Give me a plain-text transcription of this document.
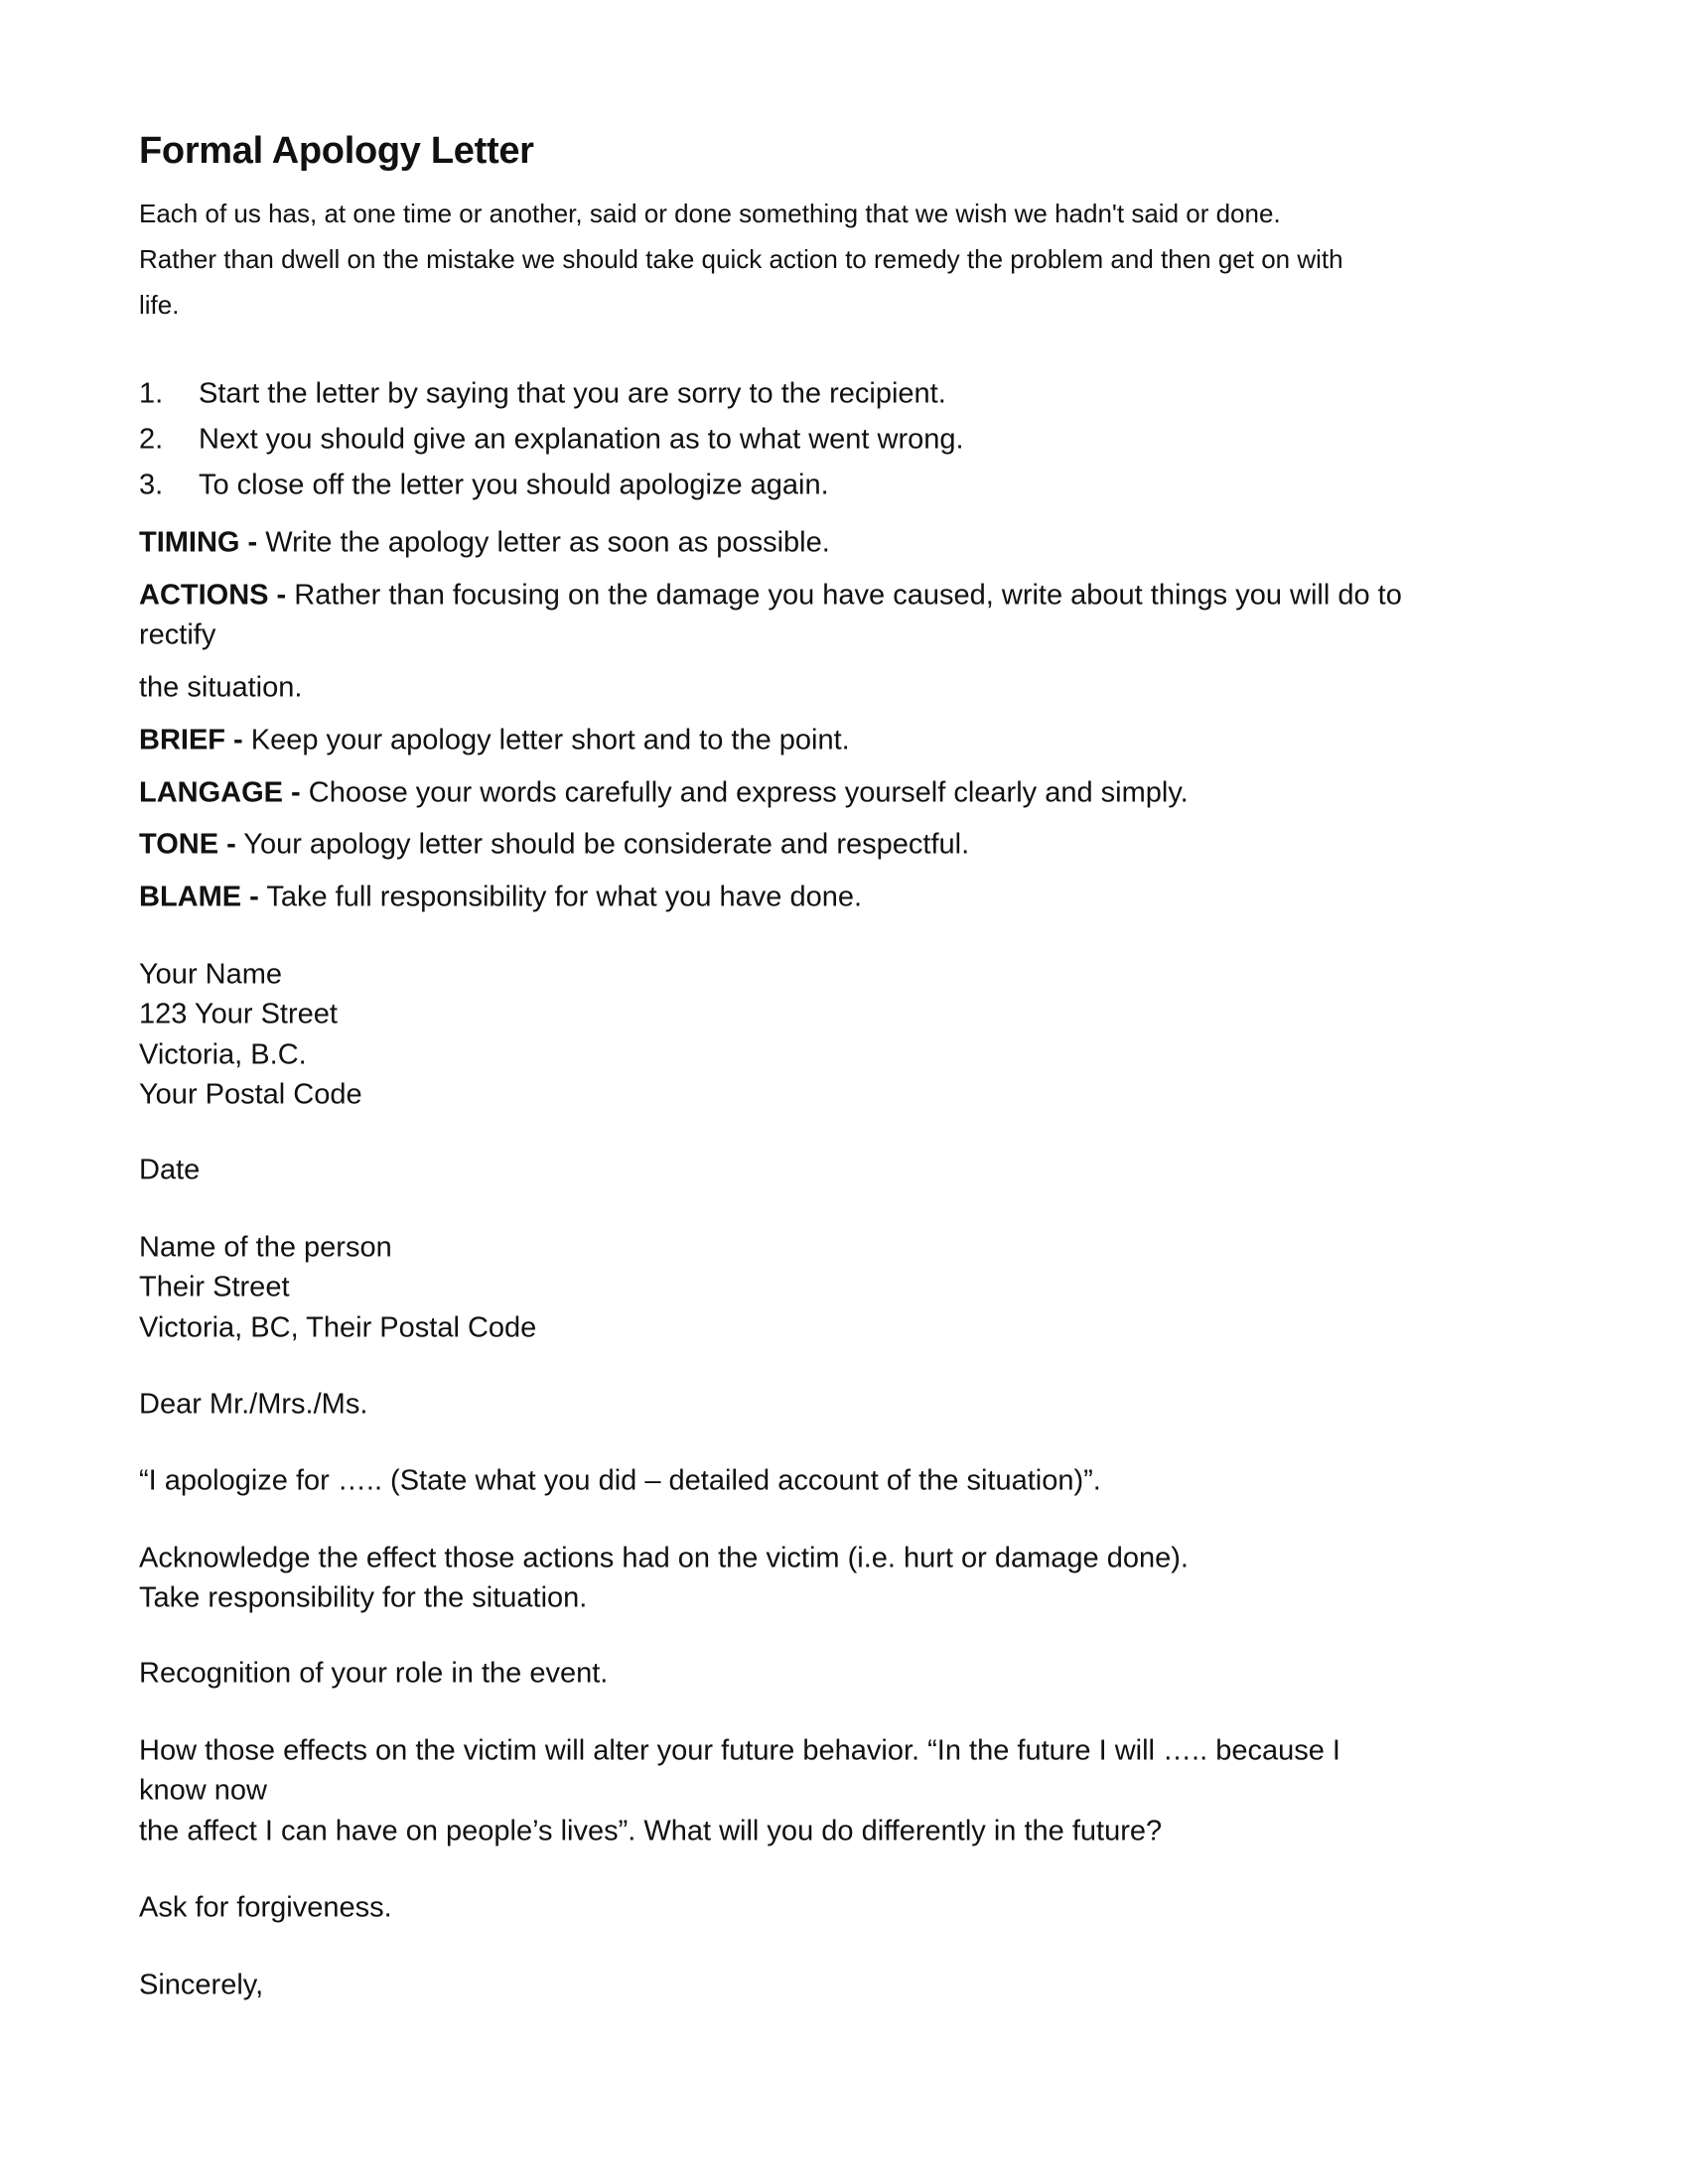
Formal Apology Letter
Each of us has, at one time or another, said or done something that we wish we hadn't said or done.
Rather than dwell on the mistake we should take quick action to remedy the problem and then get on with
life.
1. Start the letter by saying that you are sorry to the recipient.
2. Next you should give an explanation as to what went wrong.
3. To close off the letter you should apologize again.
TIMING - Write the apology letter as soon as possible.
ACTIONS - Rather than focusing on the damage you have caused, write about things you will do to
rectify
the situation.
BRIEF - Keep your apology letter short and to the point.
LANGAGE - Choose your words carefully and express yourself clearly and simply.
TONE - Your apology letter should be considerate and respectful.
BLAME - Take full responsibility for what you have done.
Your Name
123 Your Street
Victoria, B.C.
Your Postal Code
Date
Name of the person
Their Street
Victoria, BC, Their Postal Code
Dear Mr./Mrs./Ms.
“I apologize for ….. (State what you did – detailed account of the situation)”.
Acknowledge the effect those actions had on the victim (i.e. hurt or damage done).
Take responsibility for the situation.
Recognition of your role in the event.
How those effects on the victim will alter your future behavior. “In the future I will ….. because I
know now
the affect I can have on people’s lives”. What will you do differently in the future?
Ask for forgiveness.
Sincerely,
